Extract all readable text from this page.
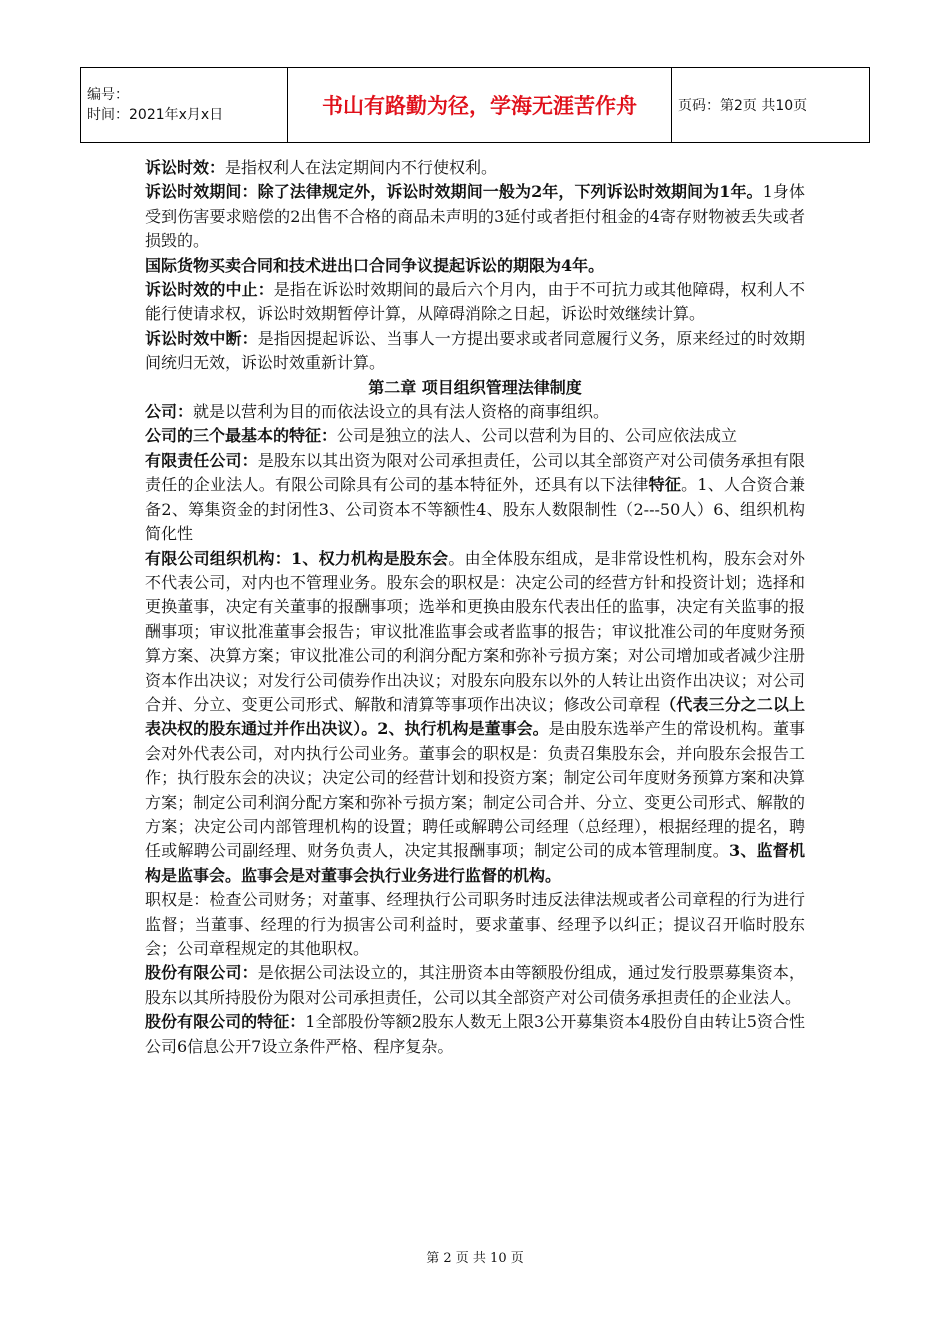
编号：
时间：2021年x月x日	书山有路勤为径，学海无涯苦作舟	页码：第2页 共10页

诉讼时效：是指权利人在法定期间内不行使权利。

诉讼时效期间：除了法律规定外，诉讼时效期间一般为2年，下列诉讼时效期间为1年。1身体受到伤害要求赔偿的2出售不合格的商品未声明的3延付或者拒付租金的4寄存财物被丢失或者损毁的。

国际货物买卖合同和技术进出口合同争议提起诉讼的期限为4年。

诉讼时效的中止：是指在诉讼时效期间的最后六个月内，由于不可抗力或其他障碍，权利人不能行使请求权，诉讼时效期暂停计算，从障碍消除之日起，诉讼时效继续计算。

诉讼时效中断：是指因提起诉讼、当事人一方提出要求或者同意履行义务，原来经过的时效期间统归无效，诉讼时效重新计算。

第二章 项目组织管理法律制度

公司：就是以营利为目的而依法设立的具有法人资格的商事组织。

公司的三个最基本的特征：公司是独立的法人、公司以营利为目的、公司应依法成立

有限责任公司：是股东以其出资为限对公司承担责任，公司以其全部资产对公司债务承担有限责任的企业法人。有限公司除具有公司的基本特征外，还具有以下法律特征。1、人合资合兼备2、筹集资金的封闭性3、公司资本不等额性4、股东人数限制性（2---50人）6、组织机构简化性

有限公司组织机构：1、权力机构是股东会。由全体股东组成，是非常设性机构，股东会对外不代表公司，对内也不管理业务。股东会的职权是：决定公司的经营方针和投资计划；选择和更换董事，决定有关董事的报酬事项；选举和更换由股东代表出任的监事，决定有关监事的报酬事项；审议批准董事会报告；审议批准监事会或者监事的报告；审议批准公司的年度财务预算方案、决算方案；审议批准公司的利润分配方案和弥补亏损方案；对公司增加或者减少注册资本作出决议；对发行公司债券作出决议；对股东向股东以外的人转让出资作出决议；对公司合并、分立、变更公司形式、解散和清算等事项作出决议；修改公司章程（代表三分之二以上表决权的股东通过并作出决议）。2、执行机构是董事会。是由股东选举产生的常设机构。董事会对外代表公司，对内执行公司业务。董事会的职权是：负责召集股东会，并向股东会报告工作；执行股东会的决议；决定公司的经营计划和投资方案；制定公司年度财务预算方案和决算方案；制定公司利润分配方案和弥补亏损方案；制定公司合并、分立、变更公司形式、解散的方案；决定公司内部管理机构的设置；聘任或解聘公司经理（总经理），根据经理的提名，聘任或解聘公司副经理、财务负责人，决定其报酬事项；制定公司的成本管理制度。3、监督机构是监事会。监事会是对董事会执行业务进行监督的机构。

职权是：检查公司财务；对董事、经理执行公司职务时违反法律法规或者公司章程的行为进行监督；当董事、经理的行为损害公司利益时，要求董事、经理予以纠正；提议召开临时股东会；公司章程规定的其他职权。

股份有限公司：是依据公司法设立的，其注册资本由等额股份组成，通过发行股票募集资本，股东以其所持股份为限对公司承担责任，公司以其全部资产对公司债务承担责任的企业法人。

股份有限公司的特征：1全部股份等额2股东人数无上限3公开募集资本4股份自由转让5资合性公司6信息公开7设立条件严格、程序复杂。

第 2 页 共 10 页
